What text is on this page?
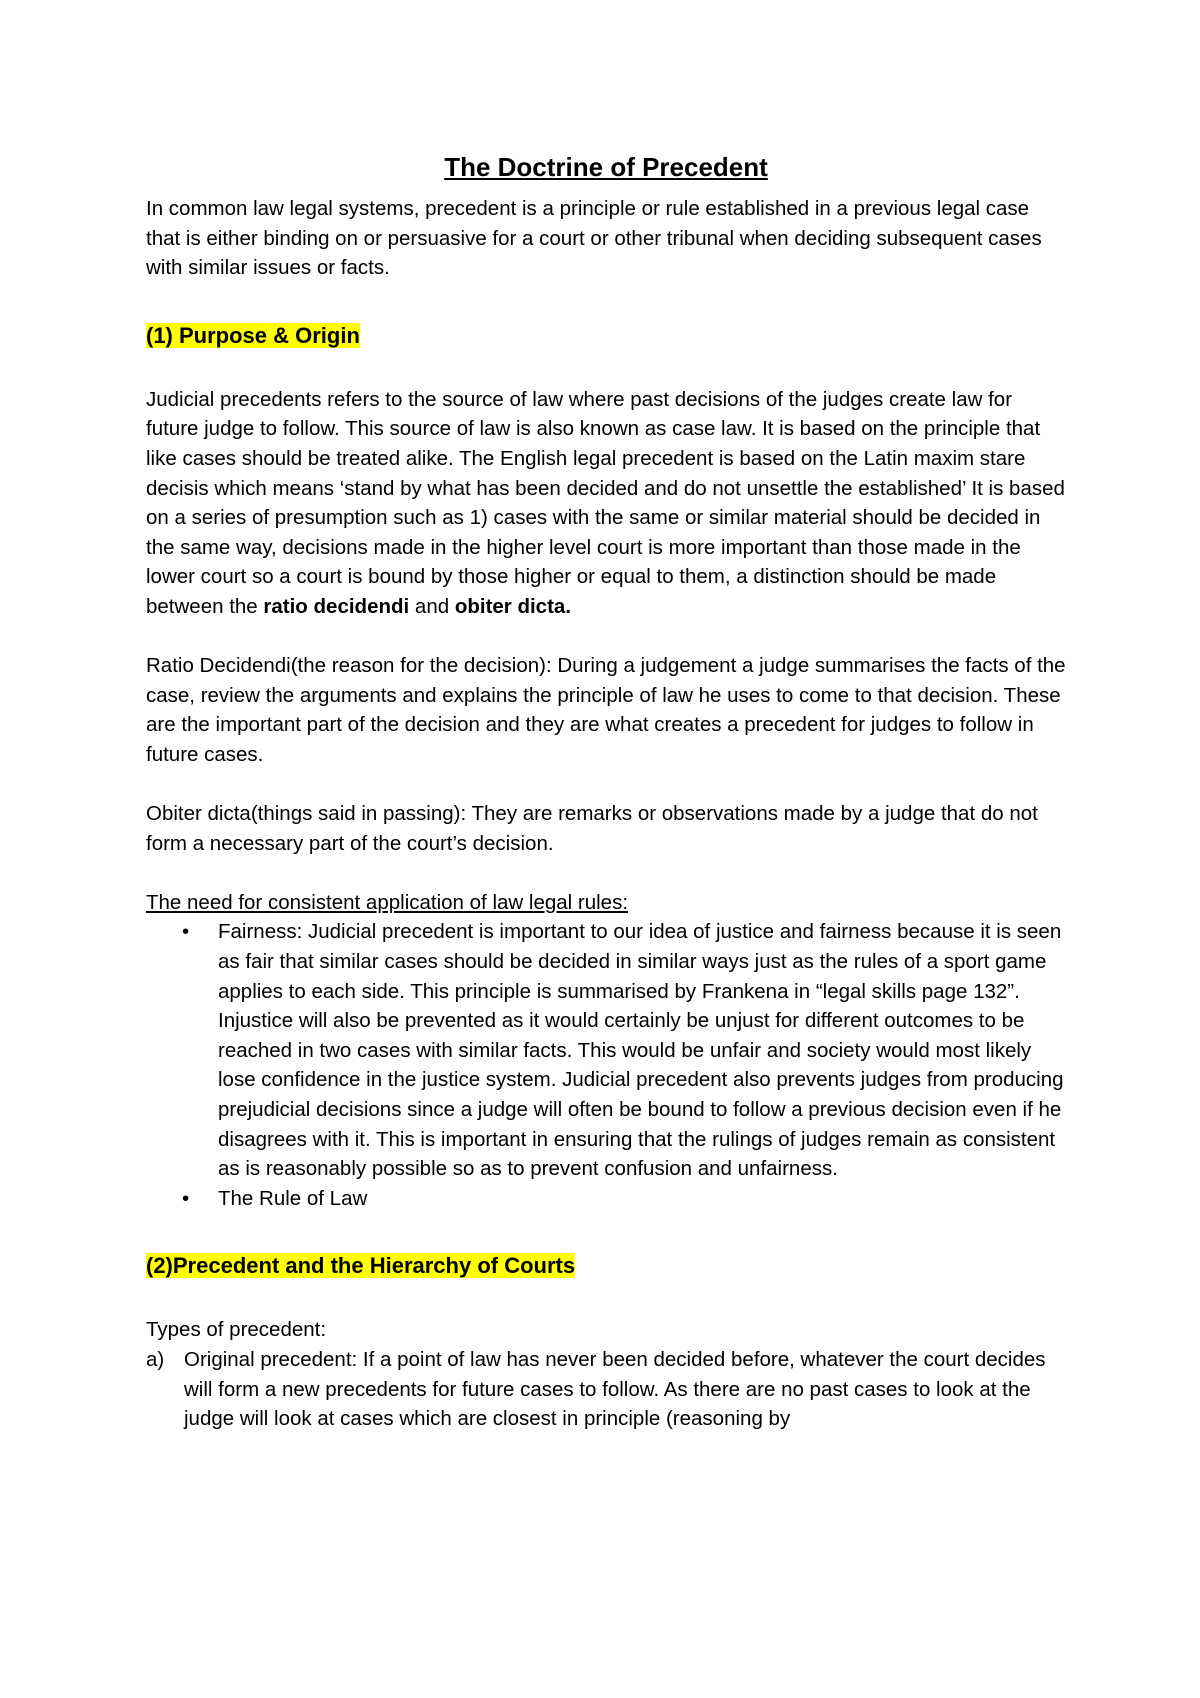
The Doctrine of Precedent

In common law legal systems, precedent is a principle or rule established in a previous legal case that is either binding on or persuasive for a court or other tribunal when deciding subsequent cases with similar issues or facts.

(1) Purpose & Origin

Judicial precedents refers to the source of law where past decisions of the judges create law for future judge to follow. This source of law is also known as case law. It is based on the principle that like cases should be treated alike. The English legal precedent is based on the Latin maxim stare decisis which means ‘stand by what has been decided and do not unsettle the established’ It is based on a series of presumption such as 1) cases with the same or similar material should be decided in the same way, decisions made in the higher level court is more important than those made in the lower court so a court is bound by those higher or equal to them, a distinction should be made between the ratio decidendi and obiter dicta.

Ratio Decidendi(the reason for the decision): During a judgement a judge summarises the facts of the case, review the arguments and explains the principle of law he uses to come to that decision. These are the important part of the decision and they are what creates a precedent for judges to follow in future cases.

Obiter dicta(things said in passing): They are remarks or observations made by a judge that do not form a necessary part of the court’s decision.

The need for consistent application of law legal rules:

• Fairness: Judicial precedent is important to our idea of justice and fairness because it is seen as fair that similar cases should be decided in similar ways just as the rules of a sport game applies to each side. This principle is summarised by Frankena in “legal skills page 132”. Injustice will also be prevented as it would certainly be unjust for different outcomes to be reached in two cases with similar facts. This would be unfair and society would most likely lose confidence in the justice system. Judicial precedent also prevents judges from producing prejudicial decisions since a judge will often be bound to follow a previous decision even if he disagrees with it. This is important in ensuring that the rulings of judges remain as consistent as is reasonably possible so as to prevent confusion and unfairness.
• The Rule of Law
(2)Precedent and the Hierarchy of Courts

Types of precedent:

a) Original precedent: If a point of law has never been decided before, whatever the court decides will form a new precedents for future cases to follow. As there are no past cases to look at the judge will look at cases which are closest in principle (reasoning by
